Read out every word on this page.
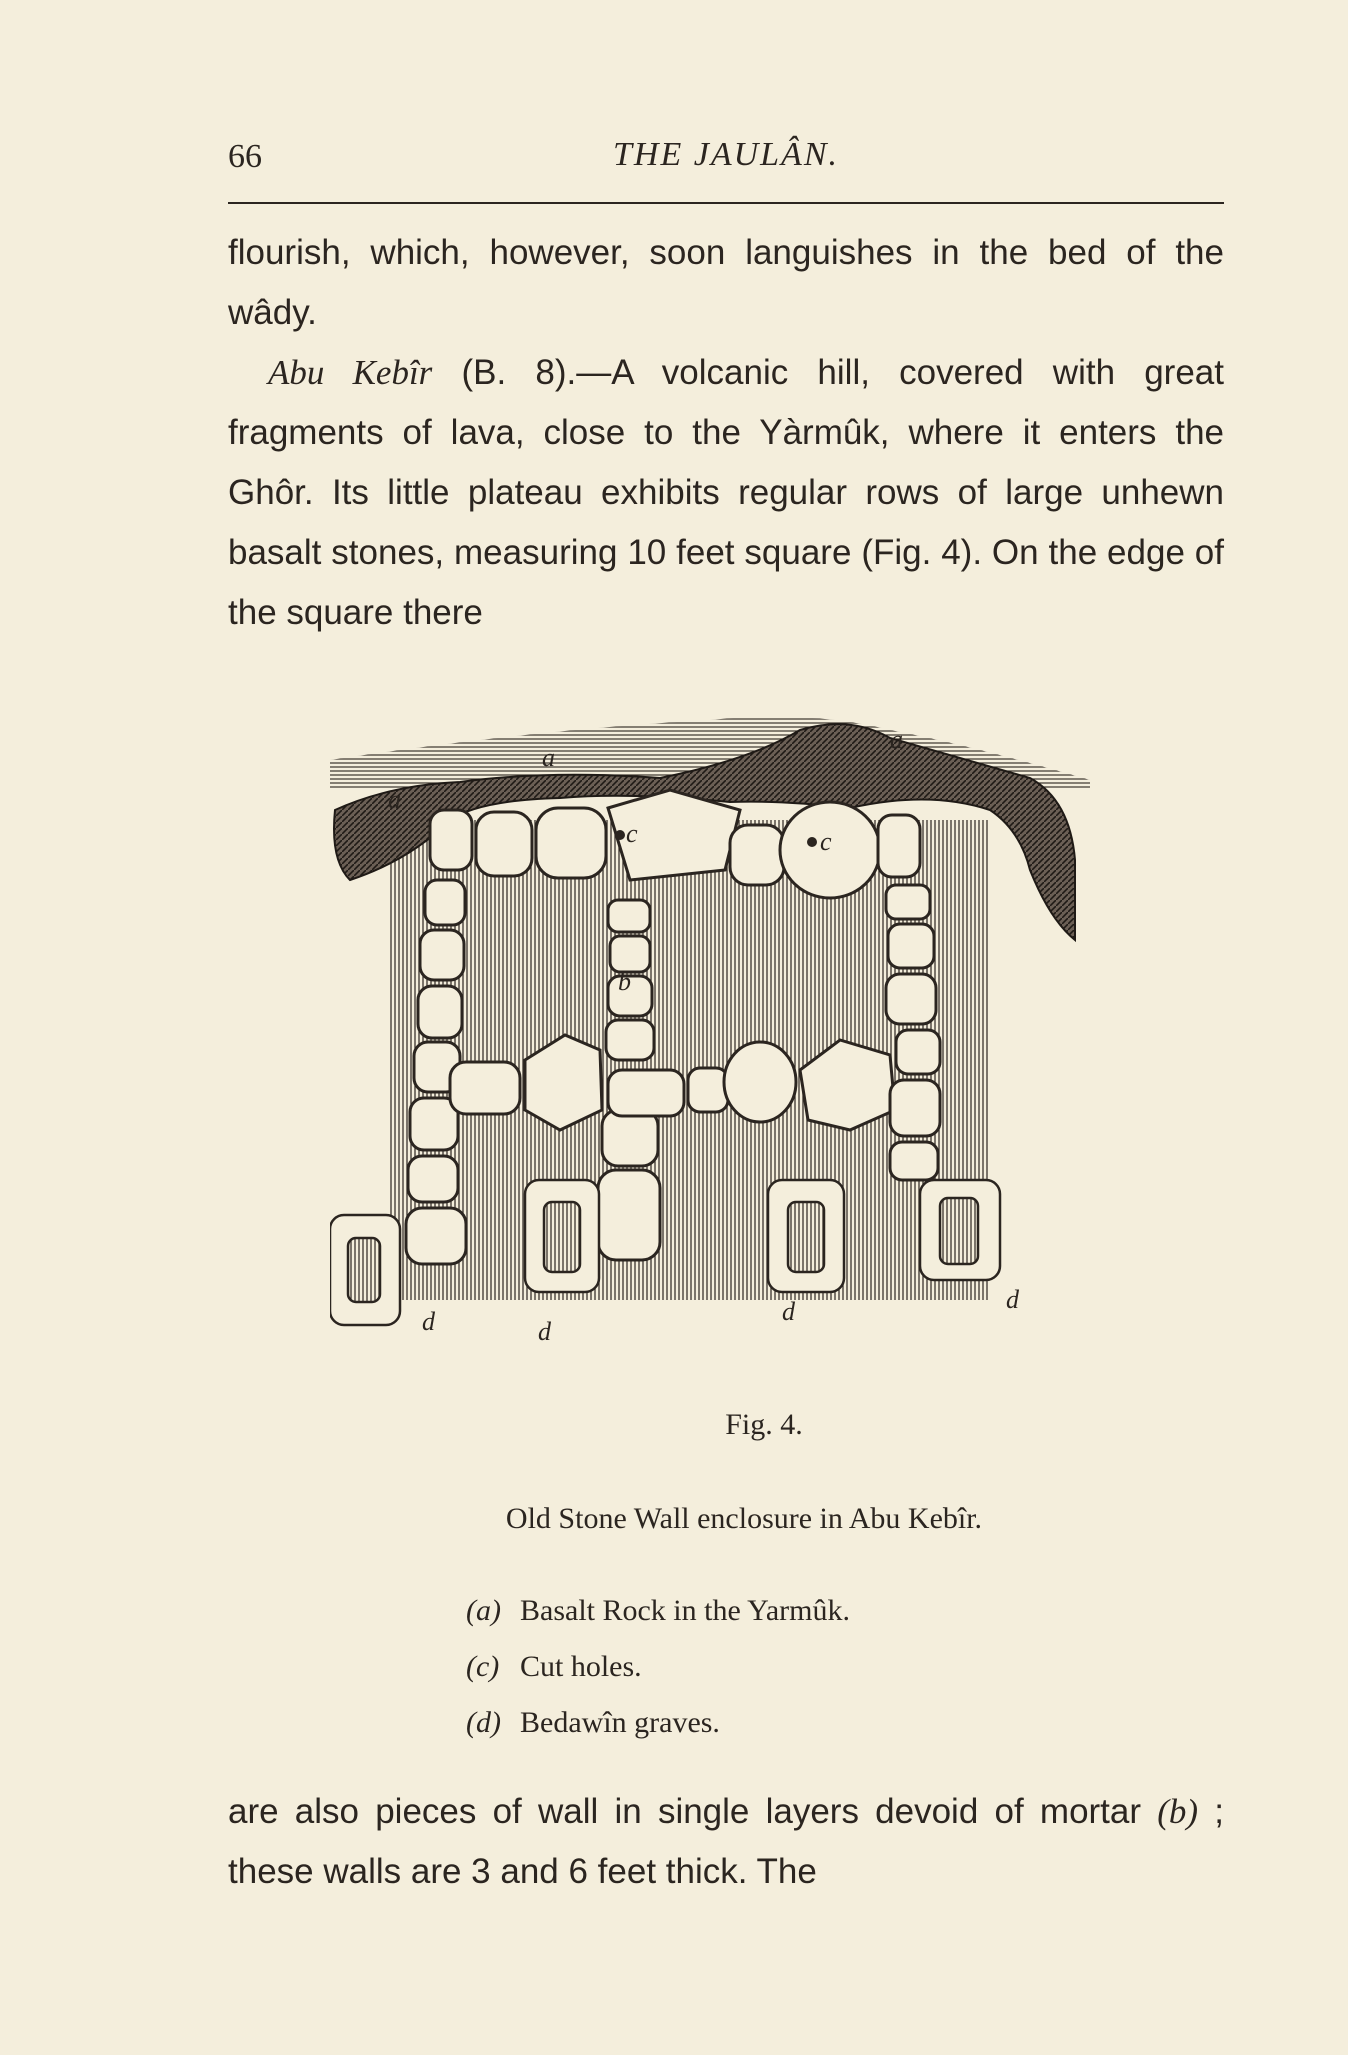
66	THE JAULÂN.

flourish, which, however, soon languishes in the bed of the wâdy.

Abu Kebîr (B. 8).—A volcanic hill, covered with great fragments of lava, close to the Yàrmûk, where it enters the Ghôr. Its little plateau exhibits regular rows of large unhewn basalt stones, measuring 10 feet square (Fig. 4). On the edge of the square there

a
a
a
c	c
b
d	d
d	d
Fig. 4.
Old Stone Wall enclosure in Abu Kebîr.
(a) Basalt Rock in the Yarmûk.
(c) Cut holes.
(d) Bedawîn graves.

are also pieces of wall in single layers devoid of mortar (b) ; these walls are 3 and 6 feet thick. The
